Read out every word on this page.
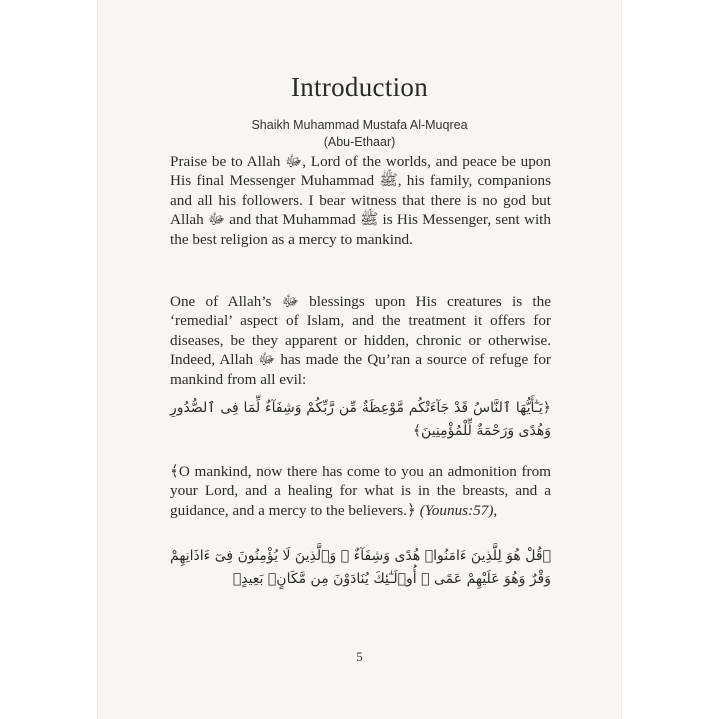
Introduction
Shaikh Muhammad Mustafa Al-Muqrea
(Abu-Ethaar)
Praise be to Allah ﷻ, Lord of the worlds, and peace be upon His final Messenger Muhammad ﷺ, his family, companions and all his followers. I bear witness that there is no god but Allah ﷻ and that Muhammad ﷺ is His Messenger, sent with the best religion as a mercy to mankind.
One of Allah’s ﷻ blessings upon His creatures is the ‘remedial’ aspect of Islam, and the treatment it offers for diseases, be they apparent or hidden, chronic or otherwise. Indeed, Allah ﷻ has made the Qu’ran a source of refuge for mankind from all evil:
﴿يَـٰٓأَيُّهَا ٱلنَّاسُ قَدْ جَآءَتْكُم مَّوْعِظَةٌ مِّن رَّبِّكُمْ وَشِفَآءٌ لِّمَا فِى ٱلصُّدُورِ وَهُدًى وَرَحْمَةٌ لِّلْمُؤْمِنِينَ﴾
﴾O mankind, now there has come to you an admonition from your Lord, and a healing for what is in the breasts, and a guidance, and a mercy to the believers.﴿ (Younus:57),
﴿قُلْ هُوَ لِلَّذِينَ ءَامَنُوا۟ هُدًى وَشِفَآءٌ ۖ وَٱلَّذِينَ لَا يُؤْمِنُونَ فِىٓ ءَاذَانِهِمْ وَقْرٌ وَهُوَ عَلَيْهِمْ عَمًى ۚ أُو۟لَـٰٓئِكَ يُنَادَوْنَ مِن مَّكَانٍۭ بَعِيدٍ﴾
5
